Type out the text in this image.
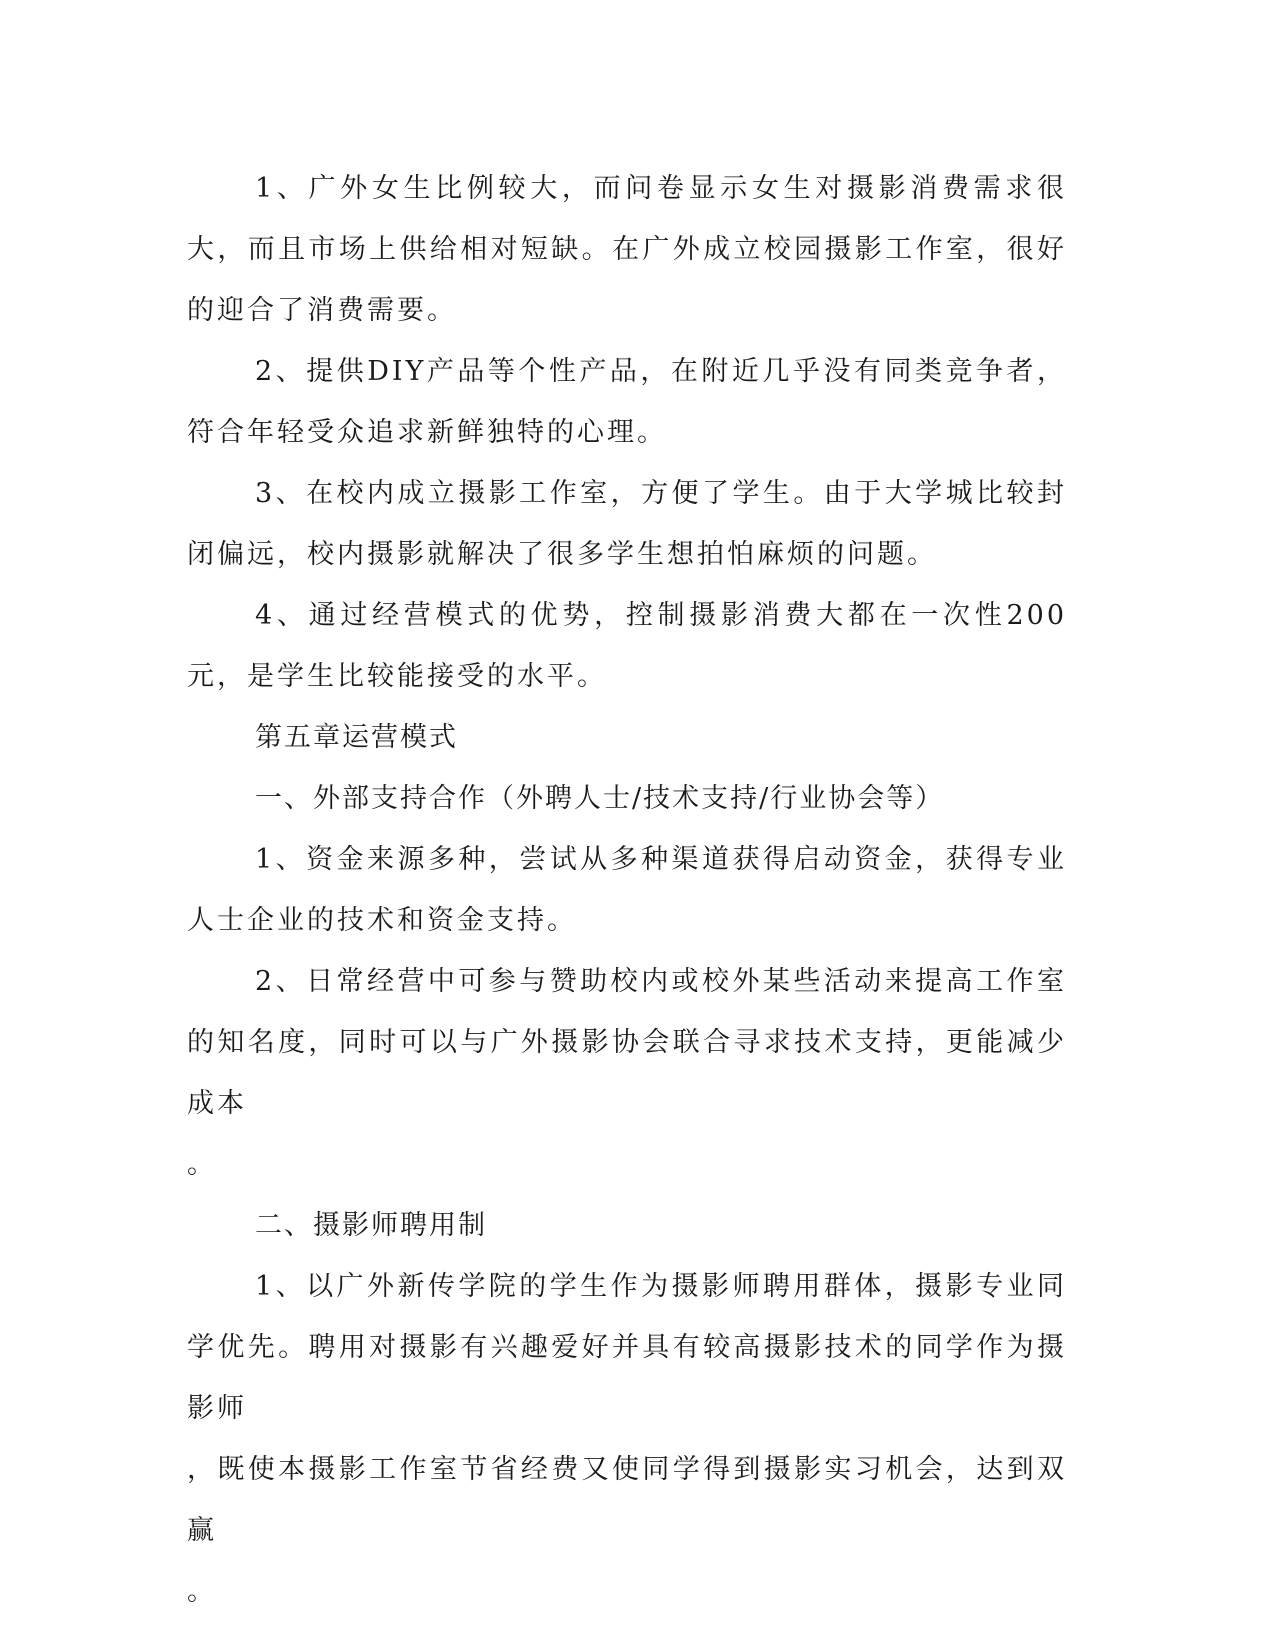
1、广外女生比例较大，而问卷显示女生对摄影消费需求很大，而且市场上供给相对短缺。在广外成立校园摄影工作室，很好的迎合了消费需要。

2、提供DIY产品等个性产品，在附近几乎没有同类竞争者，符合年轻受众追求新鲜独特的心理。

3、在校内成立摄影工作室，方便了学生。由于大学城比较封闭偏远，校内摄影就解决了很多学生想拍怕麻烦的问题。

4、通过经营模式的优势，控制摄影消费大都在一次性200元，是学生比较能接受的水平。

第五章运营模式

一、外部支持合作（外聘人士/技术支持/行业协会等）

1、资金来源多种，尝试从多种渠道获得启动资金，获得专业人士企业的技术和资金支持。

2、日常经营中可参与赞助校内或校外某些活动来提高工作室的知名度，同时可以与广外摄影协会联合寻求技术支持，更能减少成本

。

二、摄影师聘用制

1、以广外新传学院的学生作为摄影师聘用群体，摄影专业同学优先。聘用对摄影有兴趣爱好并具有较高摄影技术的同学作为摄影师

，既使本摄影工作室节省经费又使同学得到摄影实习机会，达到双赢

。
